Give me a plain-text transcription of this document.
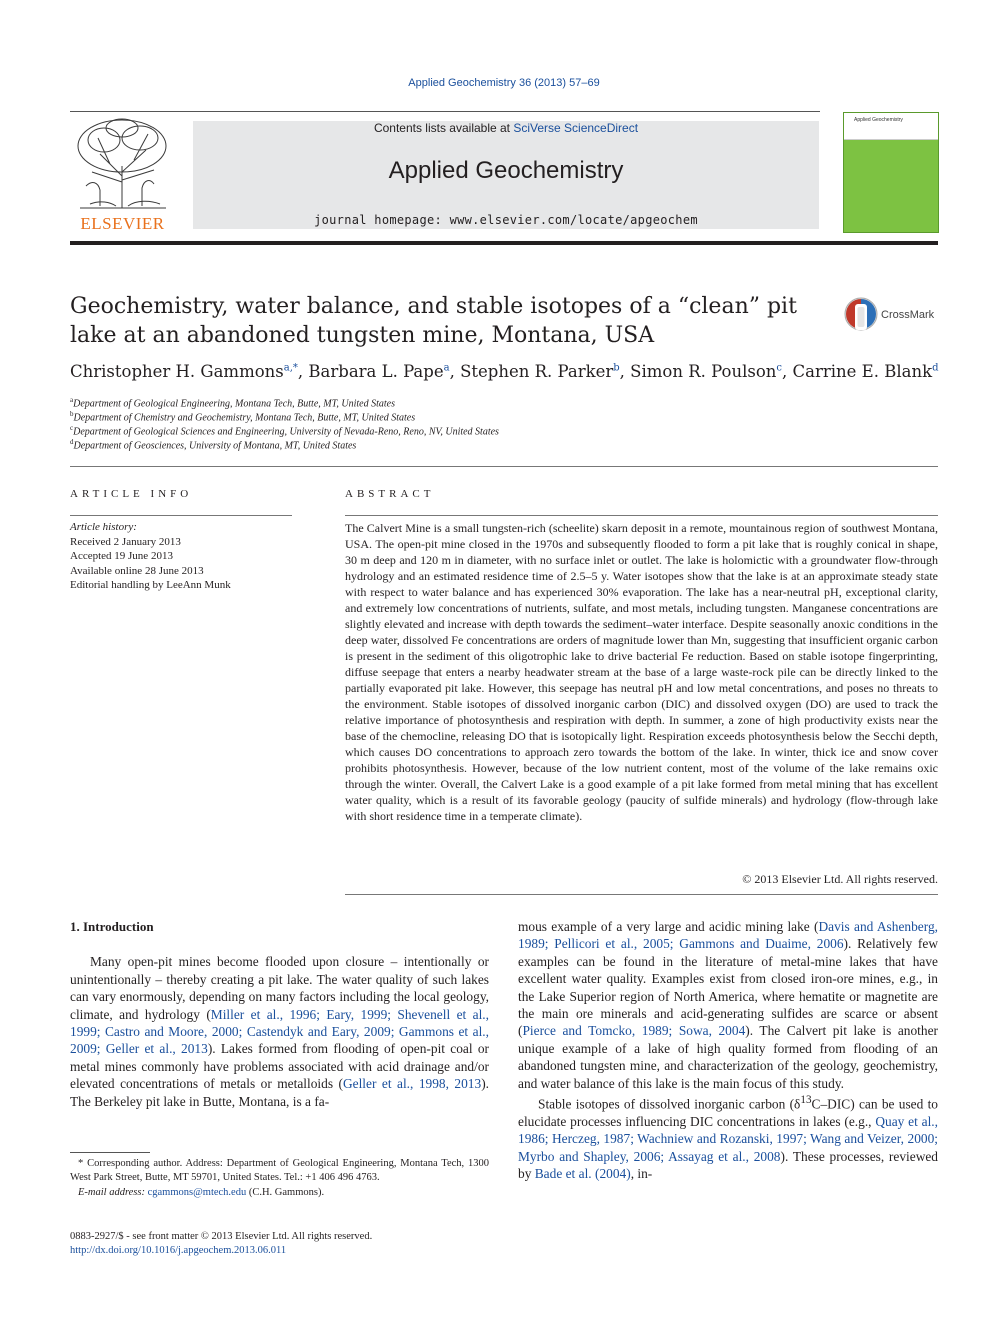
Applied Geochemistry 36 (2013) 57–69
ELSEVIER
Contents lists available at SciVerse ScienceDirect
Applied Geochemistry
journal homepage: www.elsevier.com/locate/apgeochem
Applied Geochemistry
Geochemistry, water balance, and stable isotopes of a “clean” pit lake at an abandoned tungsten mine, Montana, USA
CrossMark
Christopher H. Gammons$^{a,*}$, Barbara L. Pape$^a$, Stephen R. Parker$^b$, Simon R. Poulson$^c$, Carrine E. Blank$^d$
$^a$Department of Geological Engineering, Montana Tech, Butte, MT, United States
$^b$Department of Chemistry and Geochemistry, Montana Tech, Butte, MT, United States
$^c$Department of Geological Sciences and Engineering, University of Nevada-Reno, Reno, NV, United States
$^d$Department of Geosciences, University of Montana, MT, United States
ARTICLE INFO
Article history:
Received 2 January 2013
Accepted 19 June 2013
Available online 28 June 2013
Editorial handling by LeeAnn Munk
ABSTRACT
The Calvert Mine is a small tungsten-rich (scheelite) skarn deposit in a remote, mountainous region of southwest Montana, USA. The open-pit mine closed in the 1970s and subsequently flooded to form a pit lake that is roughly conical in shape, 30 m deep and 120 m in diameter, with no surface inlet or outlet. The lake is holomictic with a groundwater flow-through hydrology and an estimated residence time of 2.5–5 y. Water isotopes show that the lake is at an approximate steady state with respect to water balance and has experienced 30% evaporation. The lake has a near-neutral pH, exceptional clarity, and extremely low concentrations of nutrients, sulfate, and most metals, including tungsten. Manganese concentrations are slightly elevated and increase with depth towards the sediment–water interface. Despite seasonally anoxic conditions in the deep water, dissolved Fe concentrations are orders of magnitude lower than Mn, suggesting that insufficient organic carbon is present in the sediment of this oligotrophic lake to drive bacterial Fe reduction. Based on stable isotope fingerprinting, diffuse seepage that enters a nearby headwater stream at the base of a large waste-rock pile can be directly linked to the partially evaporated pit lake. However, this seepage has neutral pH and low metal concentrations, and poses no threats to the environment. Stable isotopes of dissolved inorganic carbon (DIC) and dissolved oxygen (DO) are used to track the relative importance of photosynthesis and respiration with depth. In summer, a zone of high productivity exists near the base of the chemocline, releasing DO that is isotopically light. Respiration exceeds photosynthesis below the Secchi depth, which causes DO concentrations to approach zero towards the bottom of the lake. In winter, thick ice and snow cover prohibits photosynthesis. However, because of the low nutrient content, most of the volume of the lake remains oxic through the winter. Overall, the Calvert Lake is a good example of a pit lake formed from metal mining that has excellent water quality, which is a result of its favorable geology (paucity of sulfide minerals) and hydrology (flow-through lake with short residence time in a temperate climate).
© 2013 Elsevier Ltd. All rights reserved.
1. Introduction

Many open-pit mines become flooded upon closure – intentionally or unintentionally – thereby creating a pit lake. The water quality of such lakes can vary enormously, depending on many factors including the local geology, climate, and hydrology (Miller et al., 1996; Eary, 1999; Shevenell et al., 1999; Castro and Moore, 2000; Castendyk and Eary, 2009; Gammons et al., 2009; Geller et al., 2013). Lakes formed from flooding of open-pit coal or metal mines commonly have problems associated with acid drainage and/or elevated concentrations of metals or metalloids (Geller et al., 1998, 2013). The Berkeley pit lake in Butte, Montana, is a fa-

mous example of a very large and acidic mining lake (Davis and Ashenberg, 1989; Pellicori et al., 2005; Gammons and Duaime, 2006). Relatively few examples can be found in the literature of metal-mine lakes that have excellent water quality. Examples exist from closed iron-ore mines, e.g., in the Lake Superior region of North America, where hematite or magnetite are the main ore minerals and acid-generating sulfides are scarce or absent (Pierce and Tomcko, 1989; Sowa, 2004). The Calvert pit lake is another unique example of a lake of high quality formed from flooding of an abandoned tungsten mine, and characterization of the geology, geochemistry, and water balance of this lake is the main focus of this study.

Stable isotopes of dissolved inorganic carbon $(\delta^{13}C-DIC)$ can be used to elucidate processes influencing DIC concentrations in lakes (e.g., Quay et al., 1986; Herczeg, 1987; Wachniew and Rozanski, 1997; Wang and Veizer, 2000; Myrbo and Shapley, 2006; Assayag et al., 2008). These processes, reviewed by Bade et al. (2004), in-

* Corresponding author. Address: Department of Geological Engineering, Montana Tech, 1300 West Park Street, Butte, MT 59701, United States. Tel.: +1 406 496 4763.

E-mail address: cgammons@mtech.edu (C.H. Gammons).

0883-2927/$ - see front matter © 2013 Elsevier Ltd. All rights reserved.
http://dx.doi.org/10.1016/j.apgeochem.2013.06.011
